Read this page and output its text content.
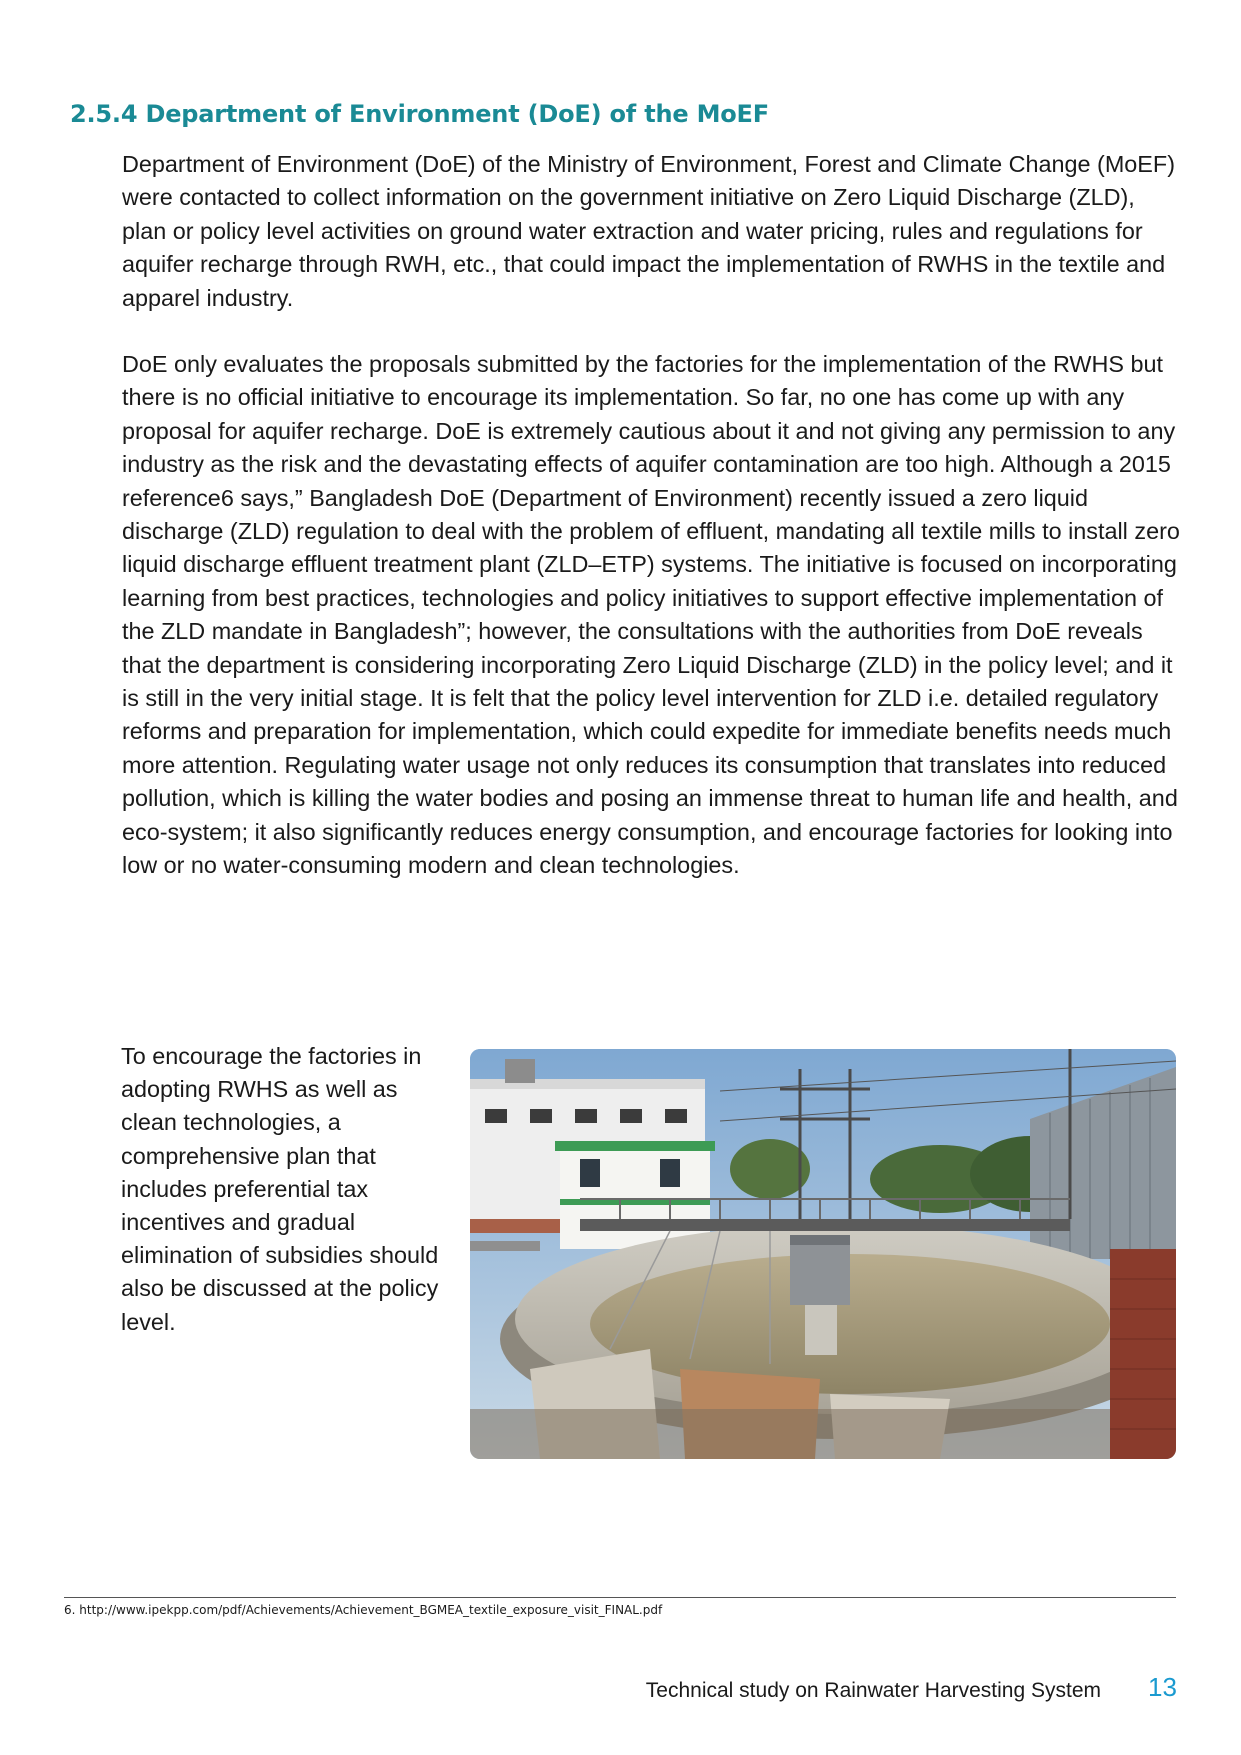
2.5.4 Department of Environment (DoE) of the MoEF

Department of Environment (DoE) of the Ministry of Environment, Forest and Climate Change (MoEF) were contacted to collect information on the government initiative on Zero Liquid Discharge (ZLD), plan or policy level activities on ground water extraction and water pricing, rules and regulations for aquifer recharge through RWH, etc., that could impact the implementation of RWHS in the textile and apparel industry.

DoE only evaluates the proposals submitted by the factories for the implementation of the RWHS but there is no official initiative to encourage its implementation. So far, no one has come up with any proposal for aquifer recharge. DoE is extremely cautious about it and not giving any permission to any industry as the risk and the devastating effects of aquifer contamination are too high. Although a 2015 reference6 says,” Bangladesh DoE (Department of Environment) recently issued a zero liquid discharge (ZLD) regulation to deal with the problem of effluent, mandating all textile mills to install zero liquid discharge effluent treatment plant (ZLD–ETP) systems. The initiative is focused on incorporating learning from best practices, technologies and policy initiatives to support effective implementation of the ZLD mandate in Bangladesh”; however, the consultations with the authorities from DoE reveals that the department is considering incorporating Zero Liquid Discharge (ZLD) in the policy level; and it is still in the very initial stage. It is felt that the policy level intervention for ZLD i.e. detailed regulatory reforms and preparation for implementation, which could expedite for immediate benefits needs much more attention. Regulating water usage not only reduces its consumption that translates into reduced pollution, which is killing the water bodies and posing an immense threat to human life and health, and eco-system; it also significantly reduces energy consumption, and encourage factories for looking into low or no water-consuming modern and clean technologies.

To encourage the factories in adopting RWHS as well as clean technologies, a comprehensive plan that includes preferential tax incentives and gradual elimination of subsidies should also be discussed at the policy level.

6. http://www.ipekpp.com/pdf/Achievements/Achievement_BGMEA_textile_exposure_visit_FINAL.pdf

Technical study on Rainwater Harvesting System 13
